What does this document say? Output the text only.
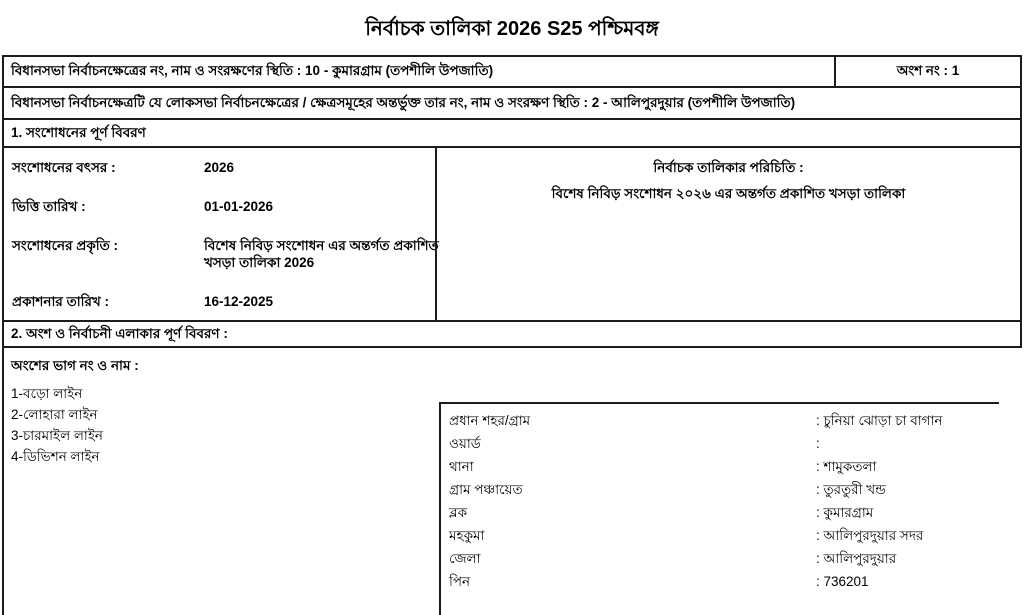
নির্বাচক তালিকা 2026 S25 পশ্চিমবঙ্গ
বিধানসভা নির্বাচনক্ষেত্রের নং, নাম ও সংরক্ষণের স্থিতি : 10 - কুমারগ্রাম (তপশীলি উপজাতি)	অংশ নং : 1
বিধানসভা নির্বাচনক্ষেত্রটি যে লোকসভা নির্বাচনক্ষেত্রের / ক্ষেত্রসমূহের অন্তর্ভুক্ত তার নং, নাম ও সংরক্ষণ স্থিতি : 2 - আলিপুরদুয়ার (তপশীলি উপজাতি)
1. সংশোধনের পূর্ণ বিবরণ
সংশোধনের বৎসর :	2026
ভিত্তি তারিখ :	01-01-2026
সংশোধনের প্রকৃতি :	বিশেষ নিবিড় সংশোধন এর অন্তর্গত প্রকাশিত খসড়া তালিকা 2026
প্রকাশনার তারিখ :	16-12-2025
নির্বাচক তালিকার পরিচিতি :
বিশেষ নিবিড় সংশোধন ২০২৬ এর অন্তর্গত প্রকাশিত খসড়া তালিকা
2. অংশ ও নির্বাচনী এলাকার পূর্ণ বিবরণ :
অংশের ভাগ নং ও নাম :
1-বড়ো লাইন
2-লোহারা লাইন
3-চারমাইল লাইন
4-ডিভিশন লাইন
প্রধান শহর/গ্রাম	: চুনিয়া ঝোড়া চা বাগান
ওয়ার্ড	:
থানা	: শামুকতলা
গ্রাম পঞ্চায়েত	: তুরতুরী খন্ড
ব্লক	: কুমারগ্রাম
মহকুমা	: আলিপুরদুয়ার সদর
জেলা	: আলিপুরদুয়ার
পিন	: 736201
